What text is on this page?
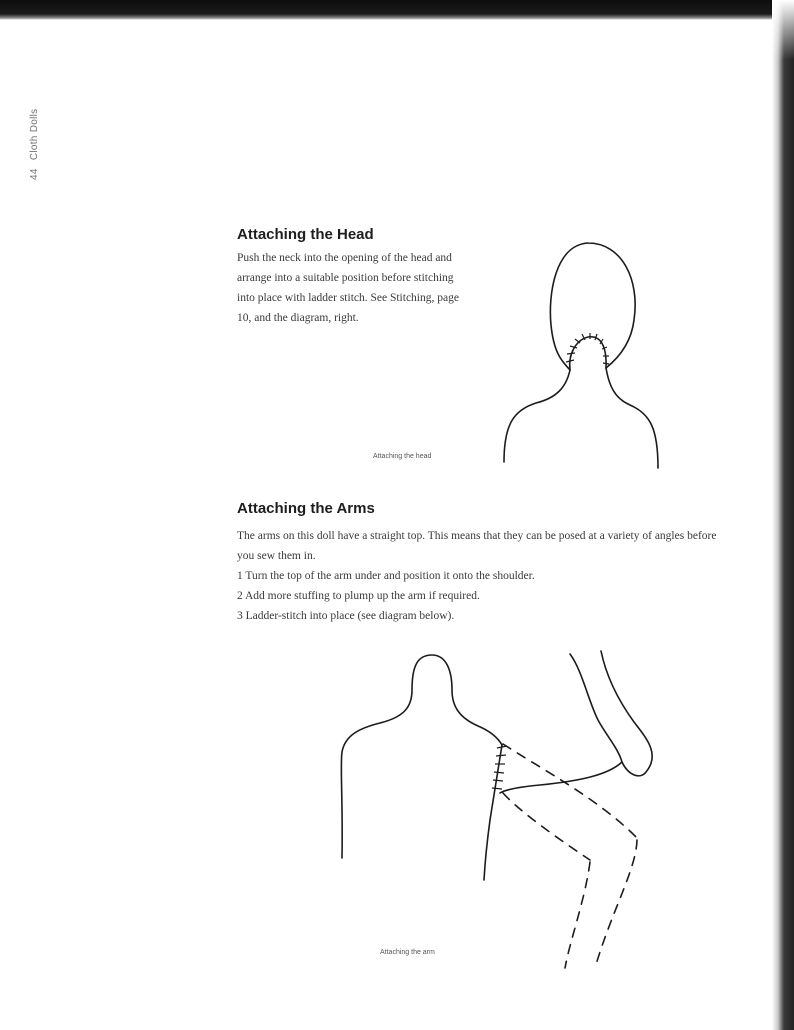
44 Cloth Dolls
Attaching the Head

Push the neck into the opening of the head and arrange into a suitable position before stitching into place with ladder stitch. See Stitching, page 10, and the diagram, right.

Attaching the head
Attaching the Arms
The arms on this doll have a straight top. This means that they can be posed at a variety of angles before you sew them in.
1 Turn the top of the arm under and position it onto the shoulder.
2 Add more stuffing to plump up the arm if required.
3 Ladder-stitch into place (see diagram below).
Attaching the arm
